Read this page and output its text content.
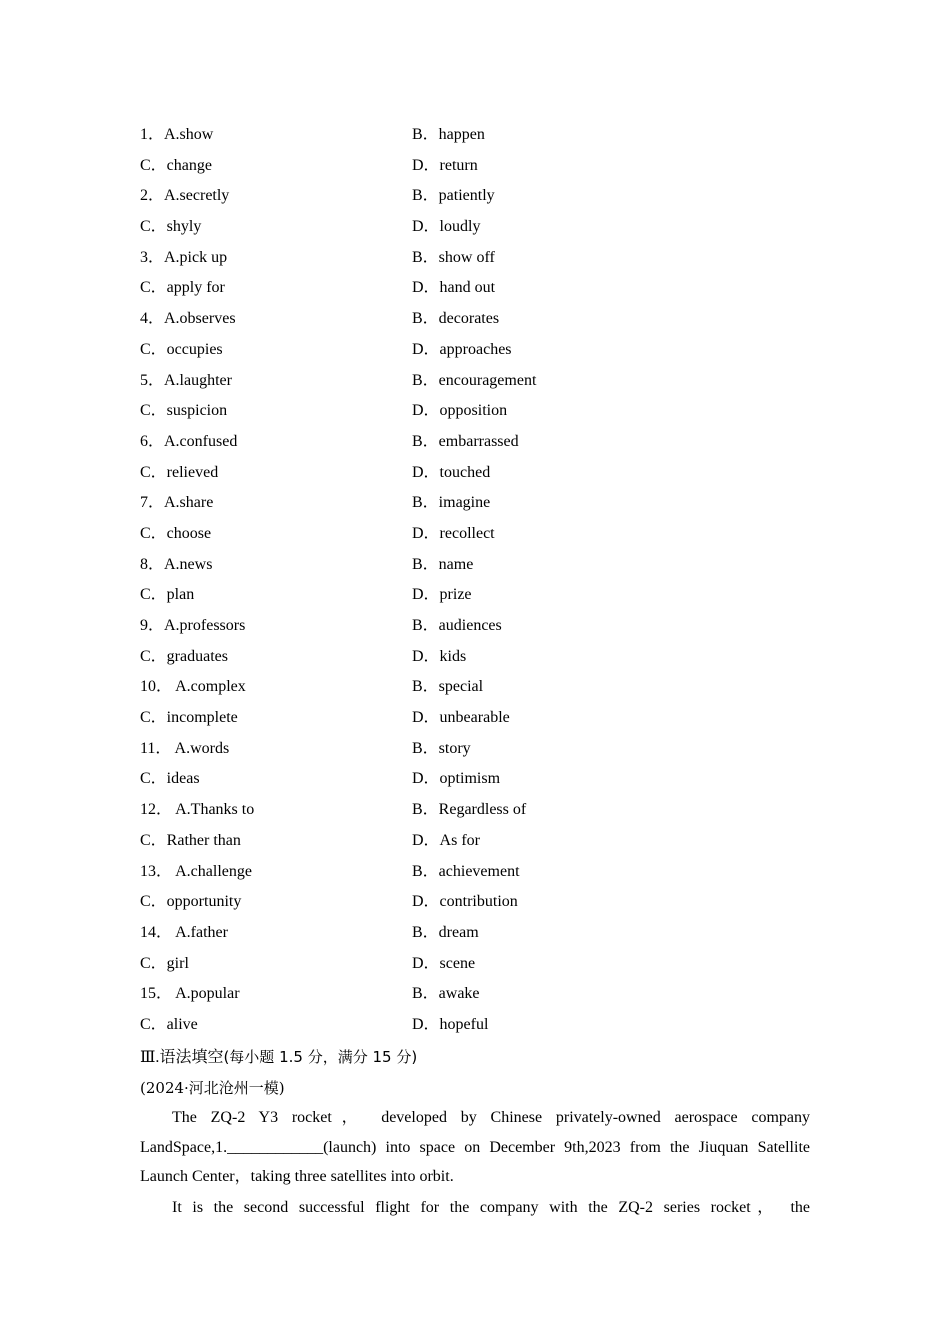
1．A.show	B．happen
C．change	D．return
2．A.secretly	B．patiently
C．shyly	D．loudly
3．A.pick up	B．show off
C．apply for	D．hand out
4．A.observes	B．decorates
C．occupies	D．approaches
5．A.laughter	B．encouragement
C．suspicion	D．opposition
6．A.confused	B．embarrassed
C．relieved	D．touched
7．A.share	B．imagine
C．choose	D．recollect
8．A.news	B．name
C．plan	D．prize
9．A.professors	B．audiences
C．graduates	D．kids
10． A.complex	B．special
C．incomplete	D．unbearable
11． A.words	B．story
C．ideas	D．optimism
12． A.Thanks to	B．Regardless of
C．Rather than	D．As for
13． A.challenge	B．achievement
C．opportunity	D．contribution
14． A.father	B．dream
C．girl	D．scene
15． A.popular	B．awake
C．alive	D．hopeful
Ⅲ.语法填空(每小题 1.5 分，满分 15 分)
(2024·河北沧州一模)

The ZQ-2 Y3 rocket， developed by Chinese privately-owned aerospace company LandSpace,1.____________(launch) into space on December 9th,2023 from the Jiuquan Satellite Launch Center，taking three satellites into orbit.

It is the second successful flight for the company with the ZQ-2 series rocket， the
